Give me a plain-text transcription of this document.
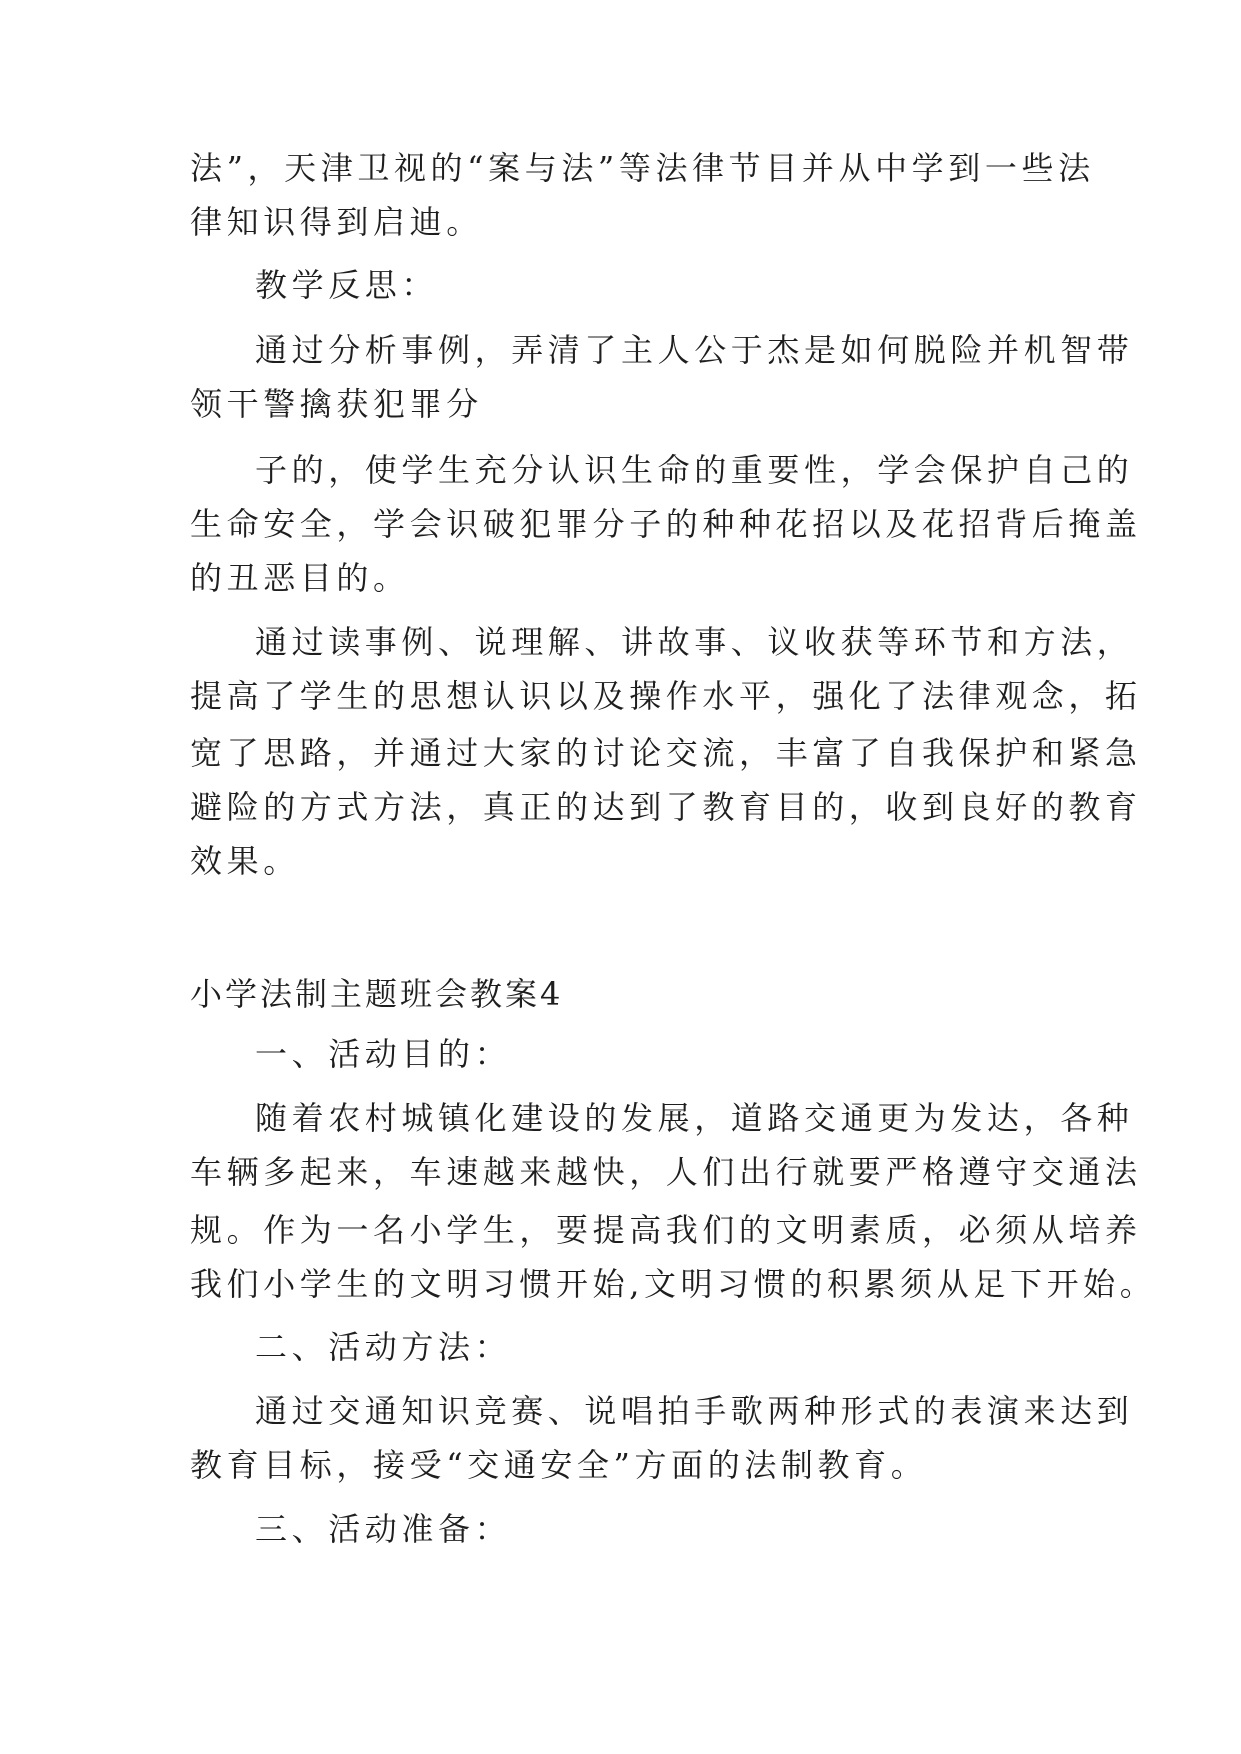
法”，天津卫视的“案与法”等法律节目并从中学到一些法
律知识得到启迪。
教学反思：
通过分析事例，弄清了主人公于杰是如何脱险并机智带
领干警擒获犯罪分
子的，使学生充分认识生命的重要性，学会保护自己的
生命安全，学会识破犯罪分子的种种花招以及花招背后掩盖
的丑恶目的。
通过读事例、说理解、讲故事、议收获等环节和方法，
提高了学生的思想认识以及操作水平，强化了法律观念，拓
宽了思路，并通过大家的讨论交流，丰富了自我保护和紧急
避险的方式方法，真正的达到了教育目的，收到良好的教育
效果。
小学法制主题班会教案4
一、活动目的：
随着农村城镇化建设的发展，道路交通更为发达，各种
车辆多起来，车速越来越快，人们出行就要严格遵守交通法
规。作为一名小学生，要提高我们的文明素质，必须从培养
我们小学生的文明习惯开始,文明习惯的积累须从足下开始。
二、活动方法：
通过交通知识竞赛、说唱拍手歌两种形式的表演来达到
教育目标，接受“交通安全”方面的法制教育。
三、活动准备：
